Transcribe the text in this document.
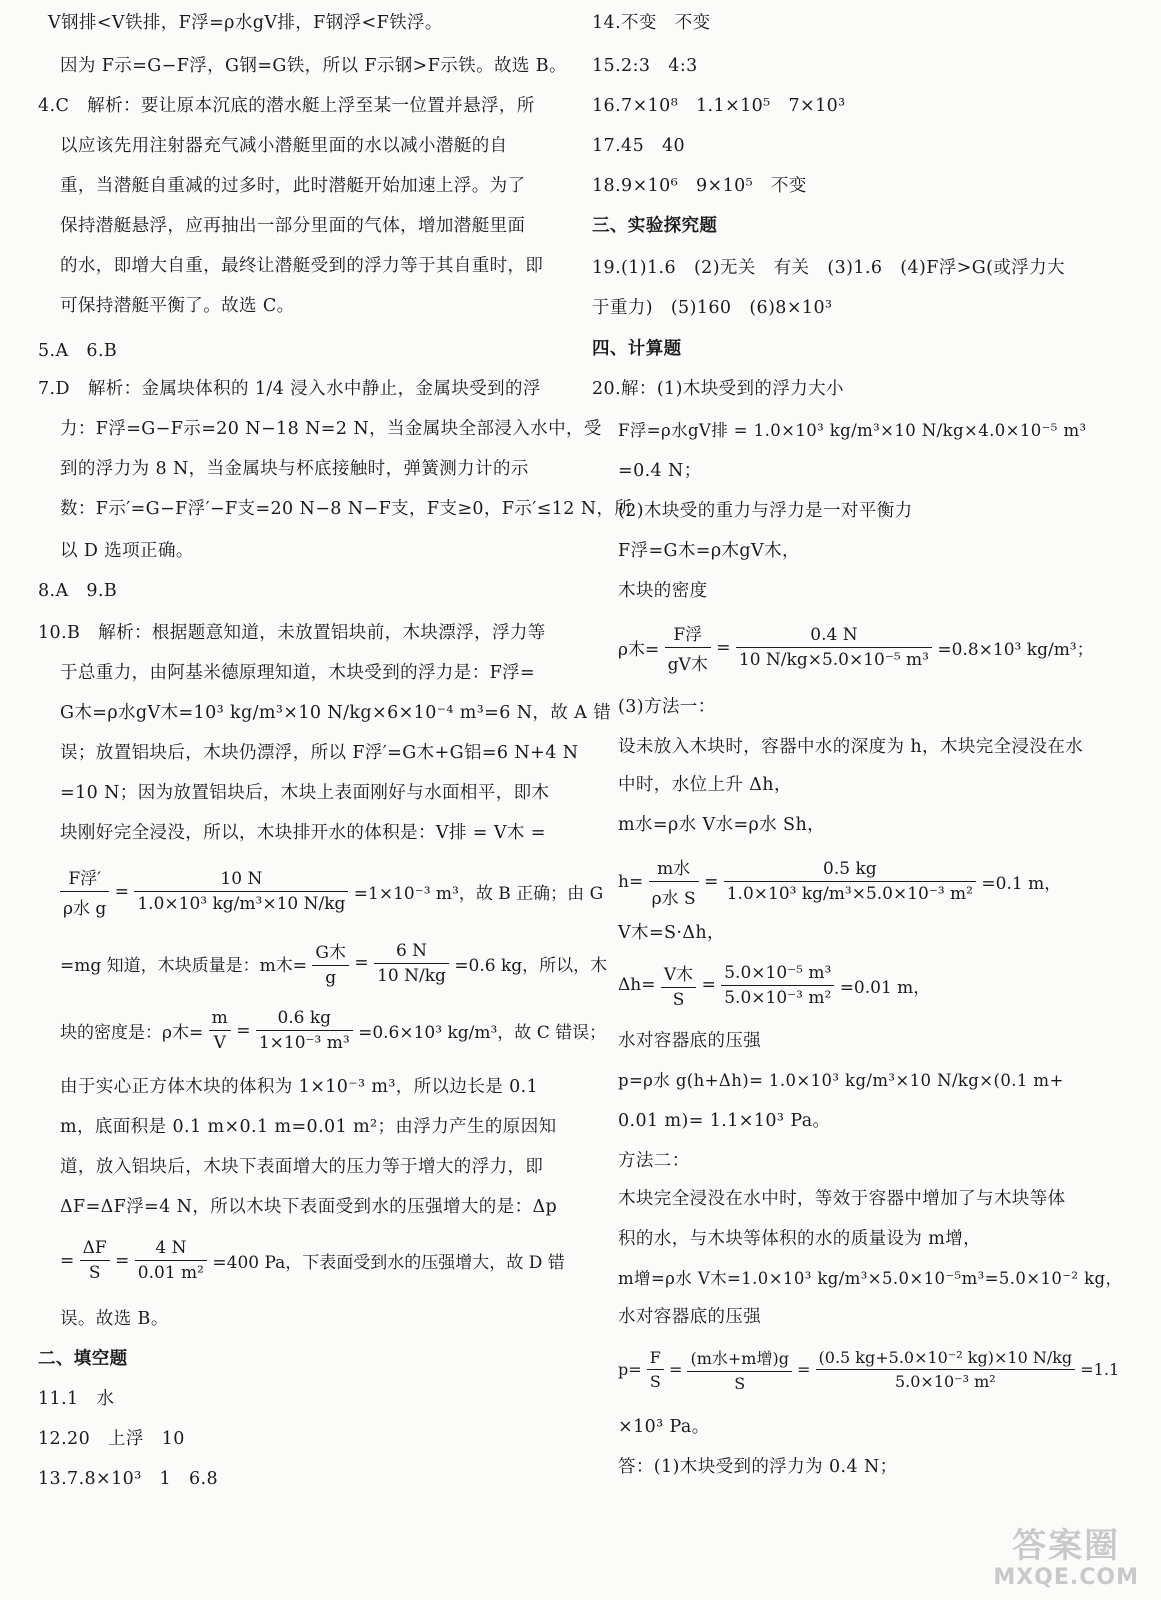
V钢排<V铁排，F浮=ρ水gV排，F钢浮<F铁浮。
因为 F示=G−F浮，G钢=G铁，所以 F示钢>F示铁。故选 B。
4.C　解析：要让原本沉底的潜水艇上浮至某一位置并悬浮，所
以应该先用注射器充气减小潜艇里面的水以减小潜艇的自
重，当潜艇自重减的过多时，此时潜艇开始加速上浮。为了
保持潜艇悬浮，应再抽出一部分里面的气体，增加潜艇里面
的水，即增大自重，最终让潜艇受到的浮力等于其自重时，即
可保持潜艇平衡了。故选 C。
5.A　6.B
7.D　解析：金属块体积的 1/4 浸入水中静止，金属块受到的浮
力：F浮=G−F示=20 N−18 N=2 N，当金属块全部浸入水中，受
到的浮力为 8 N，当金属块与杯底接触时，弹簧测力计的示
数：F示′=G−F浮′−F支=20 N−8 N−F支，F支≥0，F示′≤12 N，所
以 D 选项正确。
8.A　9.B
10.B　解析：根据题意知道，未放置铝块前，木块漂浮，浮力等
于总重力，由阿基米德原理知道，木块受到的浮力是：F浮=
G木=ρ水gV木=10³ kg/m³×10 N/kg×6×10⁻⁴ m³=6 N，故 A 错
误；放置铝块后，木块仍漂浮，所以 F浮′=G木+G铝=6 N+4 N
=10 N；因为放置铝块后，木块上表面刚好与水面相平，即木
块刚好完全浸没，所以，木块排开水的体积是：V排 = V木 =
F浮′
ρ水 g
= $\frac{10 N}{\text{1.0×10³ kg/m³×10 N/kg}} =1\times 10^{-3}$ m³，故 B 正确；由 G
=mg 知道，木块质量是：m木=
G木
g
= $\frac{6 N}{10 N/kg} =0.6$ kg，所以，木
块的密度是：ρ木= $\frac{m}{V} = \frac{0.6 kg}{\text{1×10⁻³ m³}} =0.6\times 10^3$ kg/m³，故 C 错误；
由于实心正方体木块的体积为 1×10⁻³ m³，所以边长是 0.1
m，底面积是 0.1 m×0.1 m=0.01 m²；由浮力产生的原因知
道，放入铝块后，木块下表面增大的压力等于增大的浮力，即
ΔF=ΔF浮=4 N，所以木块下表面受到水的压强增大的是：Δp
= $\frac{\Delta F}{S} = \frac{4 N}{\text{0.01 m²}} =400$ Pa，下表面受到水的压强增大，故 D 错
误。故选 B。
二、填空题
11.1　水
12.20　上浮　10
13.7.8×10³　1　6.8
14.不变　不变
15.2:3　4:3
16.7×10⁸　1.1×10⁵　7×10³
17.45　40
18.9×10⁶　9×10⁵　不变
三、实验探究题
19.(1)1.6　(2)无关　有关　(3)1.6　(4)F浮>G(或浮力大
于重力)　(5)160　(6)8×10³
四、计算题
20.解：(1)木块受到的浮力大小
F浮=ρ水gV排 = 1.0×10³ kg/m³×10 N/kg×4.0×10⁻⁵ m³
=0.4 N；
(2)木块受的重力与浮力是一对平衡力
F浮=G木=ρ木gV木，
木块的密度
ρ木=
F浮
gV木
= $\frac{0.4 N}{\text{10 N/kg×5.0×10⁻⁵ m³}} =0.8\times 10^3$ kg/m³；
(3)方法一：
设未放入木块时，容器中水的深度为 h，木块完全浸没在水
中时，水位上升 Δh，
m水=ρ水 V水=ρ水 Sh，
h=
m水
ρ水 S
= $\frac{0.5 kg}{\text{1.0×10³ kg/m³×5.0×10⁻³ m²}} =0.1$ m，
V木=S·Δh，
Δh= V木
S
= $\frac{\text{5.0×10⁻⁵ m³}}{\text{5.0×10⁻³ m²}} =0.01$ m，
水对容器底的压强
p=ρ水 g(h+Δh)= 1.0×10³ kg/m³×10 N/kg×(0.1 m+
0.01 m)= 1.1×10³ Pa。
方法二：
木块完全浸没在水中时，等效于容器中增加了与木块等体
积的水，与木块等体积的水的质量设为 m增，
m增=ρ水 V木=1.0×10³ kg/m³×5.0×10⁻⁵m³=5.0×10⁻² kg，
水对容器底的压强
$p= \frac{F}{S}$ =
(m水+m增)g
S
= $\frac{\text{(0.5 kg+5.0×10⁻² kg)×10 N/kg}}{\text{5.0×10⁻³ m²}} =1.1$
×10³ Pa。
答：(1)木块受到的浮力为 0.4 N；
答案圈
MXQE.COM
